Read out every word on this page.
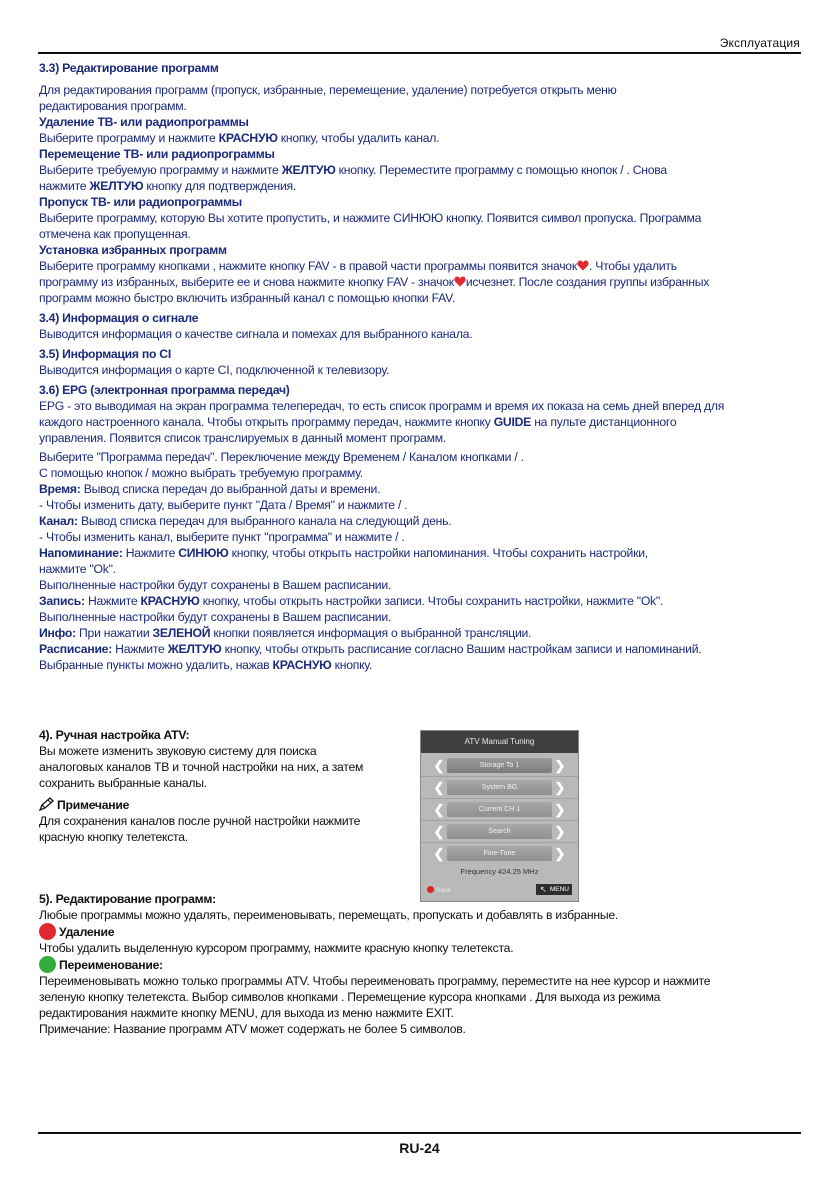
Эксплуатация

3.3) Редактирование программ

Для редактирования программ (пропуск, избранные, перемещение, удаление) потребуется открыть меню

редактирования программ.

Удаление ТВ- или радиопрограммы

Выберите программу и нажмите КРАСНУЮ кнопку, чтобы удалить канал.

Перемещение ТВ- или радиопрограммы

Выберите требуемую программу и нажмите ЖЕЛТУЮ кнопку. Переместите программу с помощью кнопок / . Снова

нажмите ЖЕЛТУЮ кнопку для подтверждения.

Пропуск ТВ- или радиопрограммы

Выберите программу, которую Вы хотите пропустить, и нажмите СИНЮЮ кнопку. Появится символ пропуска. Программа

отмечена как пропущенная.

Установка избранных программ

Выберите программу кнопками , нажмите кнопку FAV - в правой части программы появится значок . Чтобы удалить

программу из избранных, выберите ее и снова нажмите кнопку FAV - значок исчезнет. После создания группы избранных

программ можно быстро включить избранный канал с помощью кнопки FAV.

3.4) Информация о сигнале

Выводится информация о качестве сигнала и помехах для выбранного канала.

3.5) Информация по CI

Выводится информация о карте CI, подключенной к телевизору.

3.6) EPG (электронная программа передач)

EPG - это выводимая на экран программа телепередач, то есть список программ и время их показа на семь дней вперед для

каждого настроенного канала. Чтобы открыть программу передач, нажмите кнопку GUIDE на пульте дистанционного

управления. Появится список транслируемых в данный момент программ.

Выберите "Программа передач". Переключение между Временем / Каналом кнопками / .

С помощью кнопок / можно выбрать требуемую программу.

Время: Вывод списка передач до выбранной даты и времени.

- Чтобы изменить дату, выберите пункт "Дата / Время" и нажмите / .

Канал: Вывод списка передач для выбранного канала на следующий день.

- Чтобы изменить канал, выберите пункт "программа" и нажмите / .

Напоминание: Нажмите СИНЮЮ кнопку, чтобы открыть настройки напоминания. Чтобы сохранить настройки,

нажмите "Ok".

Выполненные настройки будут сохранены в Вашем расписании.

Запись: Нажмите КРАСНУЮ кнопку, чтобы открыть настройки записи. Чтобы сохранить настройки, нажмите "Ok".

Выполненные настройки будут сохранены в Вашем расписании.

Инфо: При нажатии ЗЕЛЕНОЙ кнопки появляется информация о выбранной трансляции.

Расписание: Нажмите ЖЕЛТУЮ кнопку, чтобы открыть расписание согласно Вашим настройкам записи и напоминаний.

Выбранные пункты можно удалить, нажав КРАСНУЮ кнопку.

4). Ручная настройка ATV:

Вы можете изменить звуковую систему для поиска

аналоговых каналов ТВ и точной настройки на них, а затем

сохранить выбранные каналы.

Примечание

Для сохранения каналов после ручной настройки нажмите

красную кнопку телетекста.

ATV Manual Tuning
❮	Storage To 1	❯
❮	System BG	❯
❮	Current CH 1	❯
❮	Search	❯
❮	Fine-Tune	❯
Frequency 424.25 MHz
Save	↖ MENU

5). Редактирование программ:

Любые программы можно удалять, переименовывать, перемещать, пропускать и добавлять в избранные.

Удаление

Чтобы удалить выделенную курсором программу, нажмите красную кнопку телетекста.

Переименование:

Переименовывать можно только программы ATV. Чтобы переименовать программу, переместите на нее курсор и нажмите

зеленую кнопку телетекста. Выбор символов кнопками . Перемещение курсора кнопками . Для выхода из режима

редактирования нажмите кнопку MENU, для выхода из меню нажмите EXIT.

Примечание: Название программ ATV может содержать не более 5 символов.

RU-24
